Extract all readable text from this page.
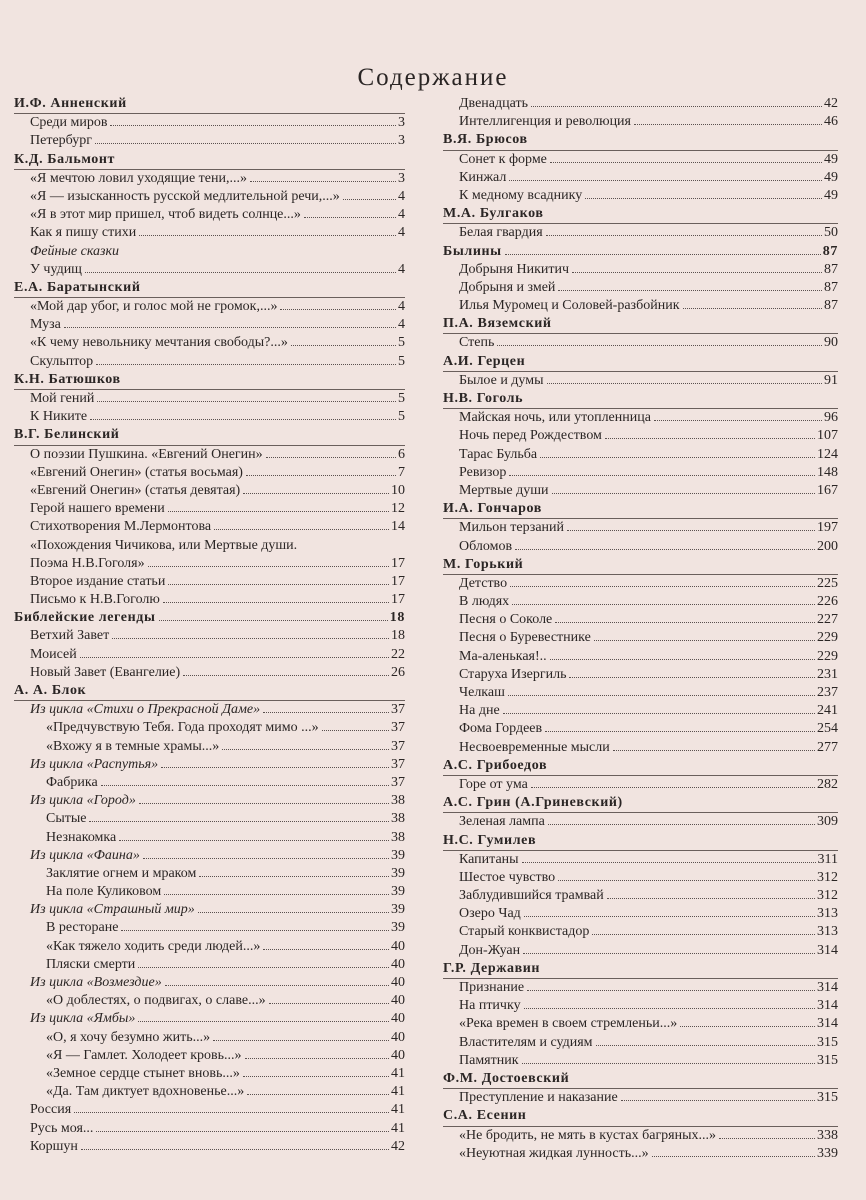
Содержание
И.Ф. Анненский
Среди миров	3
Петербург	3
К.Д. Бальмонт
«Я мечтою ловил уходящие тени,...»	3
«Я — изысканность русской медлительной речи,...»	4
«Я в этот мир пришел, чтоб видеть солнце...»	4
Как я пишу стихи	4
Фейные сказки
У чудищ	4
Е.А. Баратынский
«Мой дар убог, и голос мой не громок,...»	4
Муза	4
«К чему невольнику мечтания свободы?...»	5
Скульптор	5
К.Н. Батюшков
Мой гений	5
К Никите	5
В.Г. Белинский
О поэзии Пушкина. «Евгений Онегин»	6
«Евгений Онегин» (статья восьмая)	7
«Евгений Онегин» (статья девятая)	10
Герой нашего времени	12
Стихотворения М.Лермонтова	14
«Похождения Чичикова, или Мертвые души.
Поэма Н.В.Гоголя»	17
Второе издание статьи	17
Письмо к Н.В.Гоголю	17
Библейские легенды	18
Ветхий Завет	18
Моисей	22
Новый Завет (Евангелие)	26
А. А. Блок
Из цикла «Стихи о Прекрасной Даме»	37
«Предчувствую Тебя. Года проходят мимо ...»	37
«Вхожу я в темные храмы...»	37
Из цикла «Распутья»	37
Фабрика	37
Из цикла «Город»	38
Сытые	38
Незнакомка	38
Из цикла «Фаина»	39
Заклятие огнем и мраком	39
На поле Куликовом	39
Из цикла «Страшный мир»	39
В ресторане	39
«Как тяжело ходить среди людей...»	40
Пляски смерти	40
Из цикла «Возмездие»	40
«О доблестях, о подвигах, о славе...»	40
Из цикла «Ямбы»	40
«О, я хочу безумно жить...»	40
«Я — Гамлет. Холодеет кровь...»	40
«Земное сердце стынет вновь...»	41
«Да. Там диктует вдохновенье...»	41
Россия	41
Русь моя...	41
Коршун	42
Двенадцать	42
Интеллигенция и революция	46
В.Я. Брюсов
Сонет к форме	49
Кинжал	49
К медному всаднику	49
М.А. Булгаков
Белая гвардия	50
Былины	87
Добрыня Никитич	87
Добрыня и змей	87
Илья Муромец и Соловей-разбойник	87
П.А. Вяземский
Степь	90
А.И. Герцен
Былое и думы	91
Н.В. Гоголь
Майская ночь, или утопленница	96
Ночь перед Рождеством	107
Тарас Бульба	124
Ревизор	148
Мертвые души	167
И.А. Гончаров
Мильон терзаний	197
Обломов	200
М. Горький
Детство	225
В людях	226
Песня о Соколе	227
Песня о Буревестнике	229
Ма-аленькая!..	229
Старуха Изергиль	231
Челкаш	237
На дне	241
Фома Гордеев	254
Несвоевременные мысли	277
А.С. Грибоедов
Горе от ума	282
А.С. Грин (А.Гриневский)
Зеленая лампа	309
Н.С. Гумилев
Капитаны	311
Шестое чувство	312
Заблудившийся трамвай	312
Озеро Чад	313
Старый конквистадор	313
Дон-Жуан	314
Г.Р. Державин
Признание	314
На птичку	314
«Река времен в своем стремленьи...»	314
Властителям и судиям	315
Памятник	315
Ф.М. Достоевский
Преступление и наказание	315
С.А. Есенин
«Не бродить, не мять в кустах багряных...»	338
«Неуютная жидкая лунность...»	339
